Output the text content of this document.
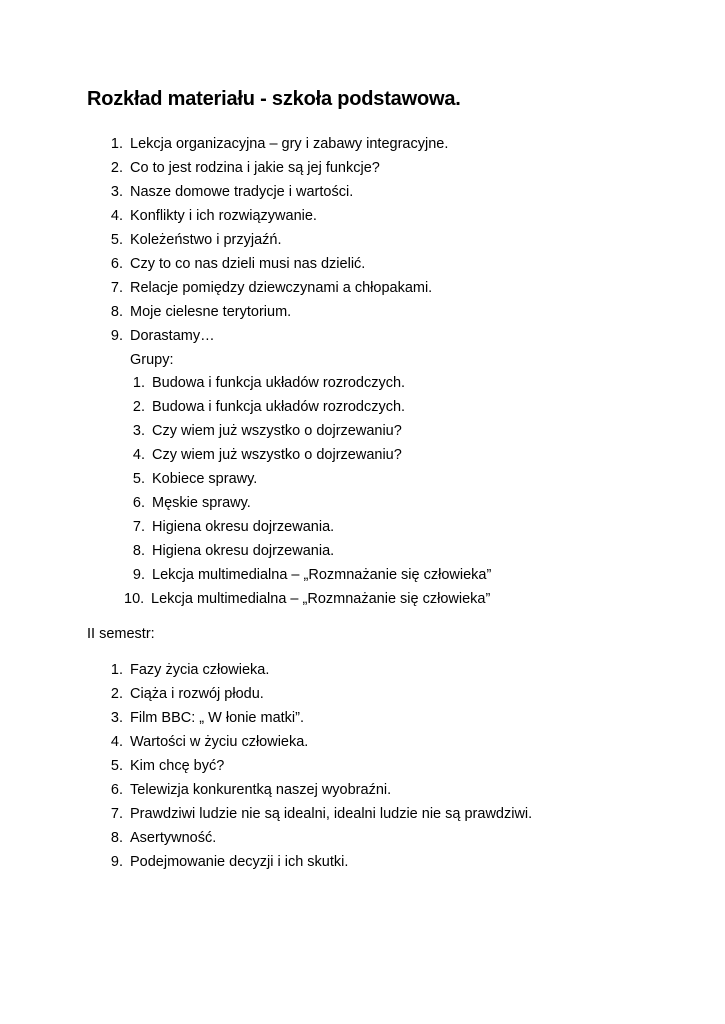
Rozkład materiału - szkoła podstawowa.
1. Lekcja organizacyjna – gry i zabawy integracyjne.
2. Co to jest rodzina i jakie są jej funkcje?
3. Nasze domowe tradycje i wartości.
4. Konflikty i ich rozwiązywanie.
5. Koleżeństwo i przyjaźń.
6. Czy to co nas dzieli musi nas dzielić.
7. Relacje pomiędzy dziewczynami a chłopakami.
8. Moje cielesne terytorium.
9. Dorastamy…
Grupy:
1. Budowa i funkcja układów rozrodczych.
2. Budowa i funkcja układów rozrodczych.
3. Czy wiem już wszystko o dojrzewaniu?
4. Czy wiem już wszystko o dojrzewaniu?
5. Kobiece sprawy.
6. Męskie sprawy.
7. Higiena okresu dojrzewania.
8. Higiena okresu dojrzewania.
9. Lekcja multimedialna – „Rozmnażanie się człowieka”
10. Lekcja multimedialna – „Rozmnażanie się człowieka”
II semestr:
1. Fazy życia człowieka.
2. Ciąża i rozwój płodu.
3. Film BBC: „ W łonie matki”.
4. Wartości w życiu człowieka.
5. Kim chcę być?
6. Telewizja konkurentką naszej wyobraźni.
7. Prawdziwi ludzie nie są idealni, idealni ludzie nie są prawdziwi.
8. Asertywność.
9. Podejmowanie decyzji i ich skutki.
